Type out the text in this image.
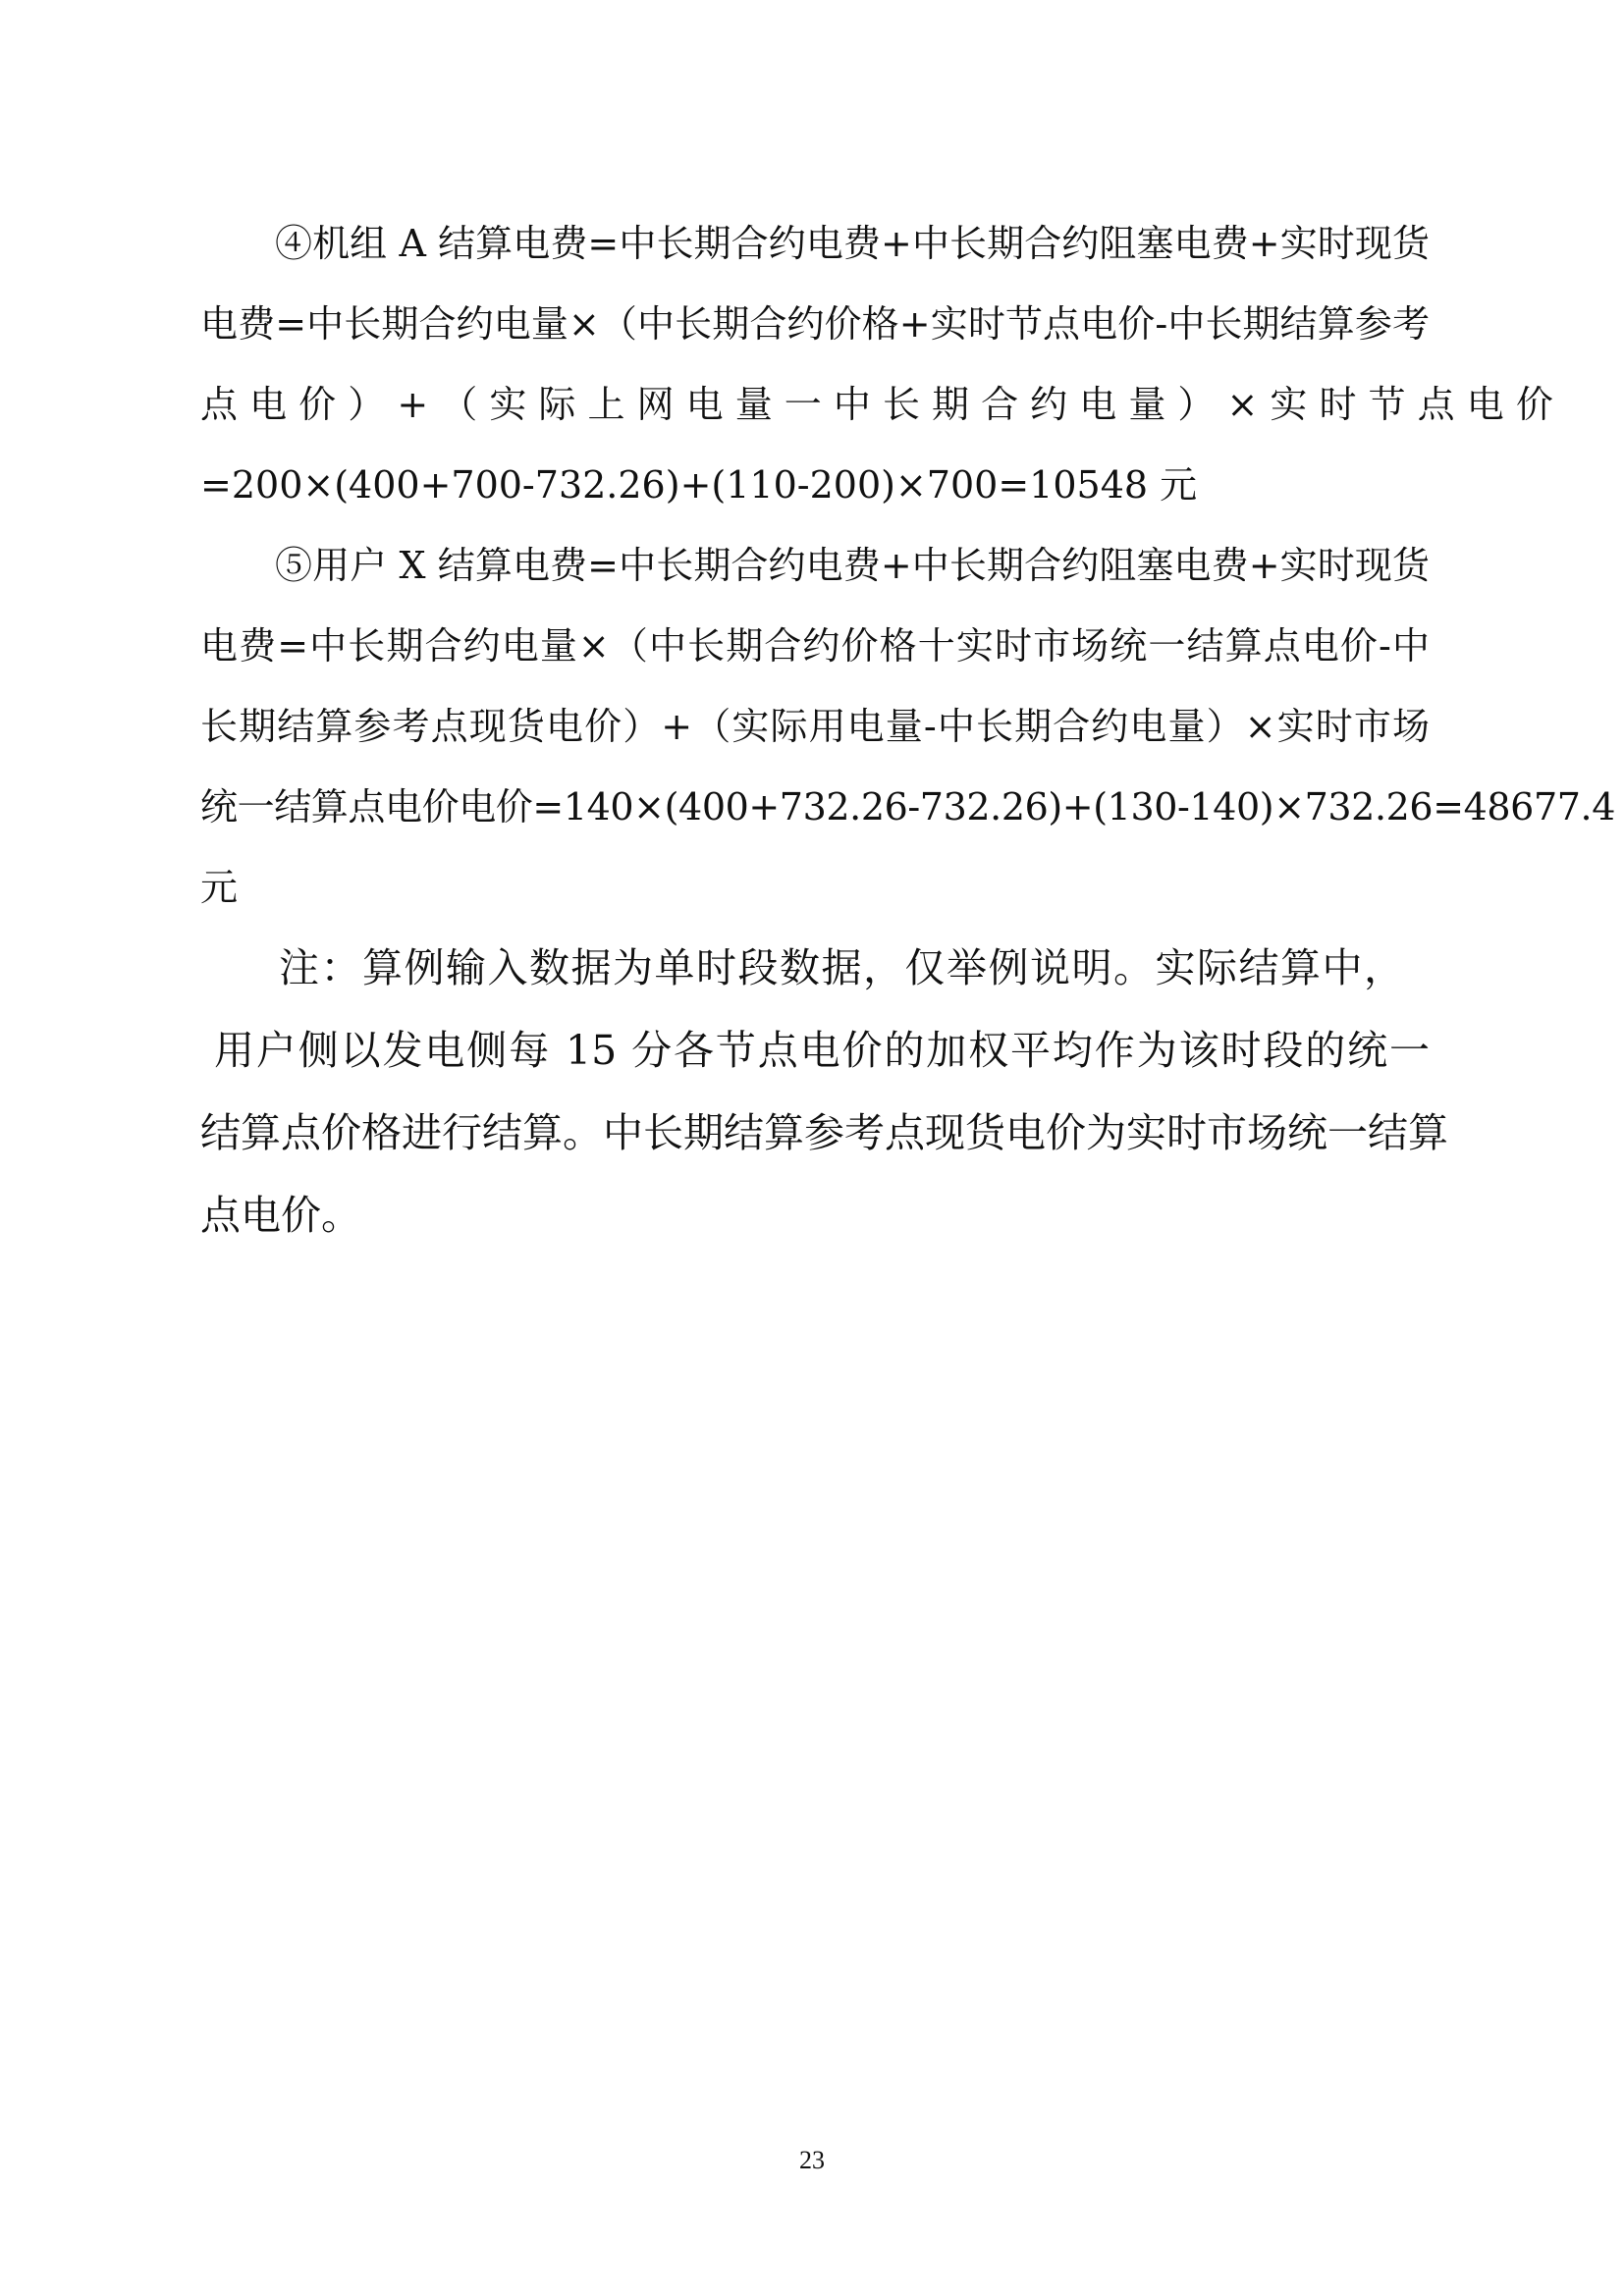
④机组 A 结算电费=中长期合约电费+中长期合约阻塞电费+实时现货
电费=中长期合约电量×（中长期合约价格+实时节点电价-中长期结算参考
点 电 价 ） + （ 实 际 上 网 电 量 一 中 长 期 合 约 电 量 ） × 实 时 节 点 电 价
=200×(400+700-732.26)+(110-200)×700=10548 元
⑤用户 X 结算电费=中长期合约电费+中长期合约阻塞电费+实时现货
电费=中长期合约电量×（中长期合约价格十实时市场统一结算点电价-中
长期结算参考点现货电价）+（实际用电量-中长期合约电量）×实时市场
统一结算点电价电价=140×(400+732.26-732.26)+(130-140)×732.26=48677.4
元
注：算例输入数据为单时段数据，仅举例说明。实际结算中，
用户侧以发电侧每 15 分各节点电价的加权平均作为该时段的统一
结算点价格进行结算。中长期结算参考点现货电价为实时市场统一结算
点电价。
23
